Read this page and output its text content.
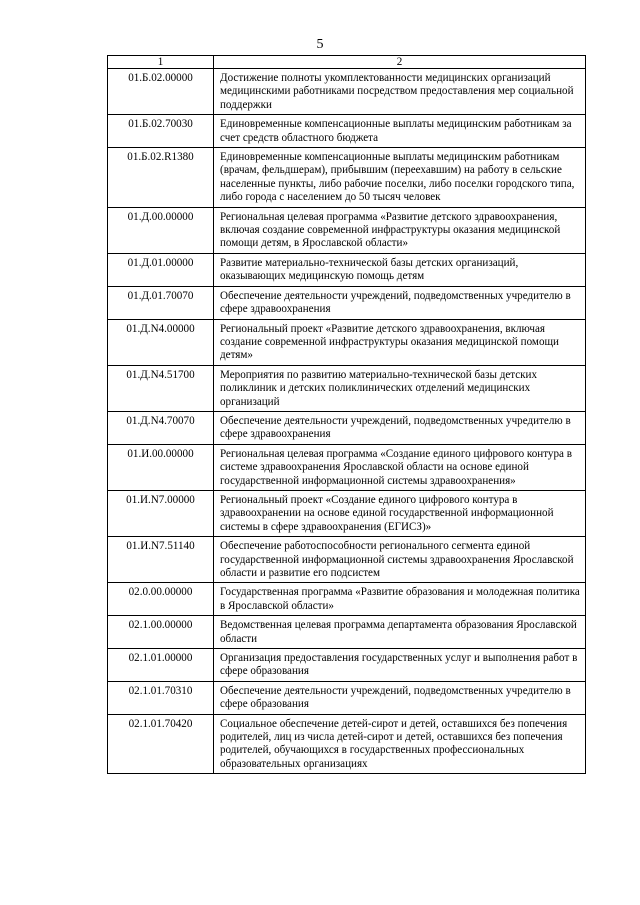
5
1	2
01.Б.02.00000	Достижение полноты укомплектованности медицинских организаций медицинскими работниками посредством предоставления мер социальной поддержки
01.Б.02.70030	Единовременные компенсационные выплаты медицинским работникам за счет средств областного бюджета
01.Б.02.R1380	Единовременные компенсационные выплаты медицинским работникам (врачам, фельдшерам), прибывшим (переехавшим) на работу в сельские населенные пункты, либо рабочие поселки, либо поселки городского типа, либо города с населением до 50 тысяч человек
01.Д.00.00000	Региональная целевая программа «Развитие детского здравоохранения, включая создание современной инфраструктуры оказания медицинской помощи детям, в Ярославской области»
01.Д.01.00000	Развитие материально-технической базы детских организаций, оказывающих медицинскую помощь детям
01.Д.01.70070	Обеспечение деятельности учреждений, подведомственных учредителю в сфере здравоохранения
01.Д.N4.00000	Региональный проект «Развитие детского здравоохранения, включая создание современной инфраструктуры оказания медицинской помощи детям»
01.Д.N4.51700	Мероприятия по развитию материально-технической базы детских поликлиник и детских поликлинических отделений медицинских организаций
01.Д.N4.70070	Обеспечение деятельности учреждений, подведомственных учредителю в сфере здравоохранения
01.И.00.00000	Региональная целевая программа «Создание единого цифрового контура в системе здравоохранения Ярославской области на основе единой государственной информационной системы здравоохранения»
01.И.N7.00000	Региональный проект «Создание единого цифрового контура в здравоохранении на основе единой государственной информационной системы в сфере здравоохранения (ЕГИСЗ)»
01.И.N7.51140	Обеспечение работоспособности регионального сегмента единой государственной информационной системы здравоохранения Ярославской области и развитие его подсистем
02.0.00.00000	Государственная программа «Развитие образования и молодежная политика в Ярославской области»
02.1.00.00000	Ведомственная целевая программа департамента образования Ярославской области
02.1.01.00000	Организация предоставления государственных услуг и выполнения работ в сфере образования
02.1.01.70310	Обеспечение деятельности учреждений, подведомственных учредителю в сфере образования
02.1.01.70420	Социальное обеспечение детей-сирот и детей, оставшихся без попечения родителей, лиц из числа детей-сирот и детей, оставшихся без попечения родителей, обучающихся в государственных профессиональных образовательных организациях
